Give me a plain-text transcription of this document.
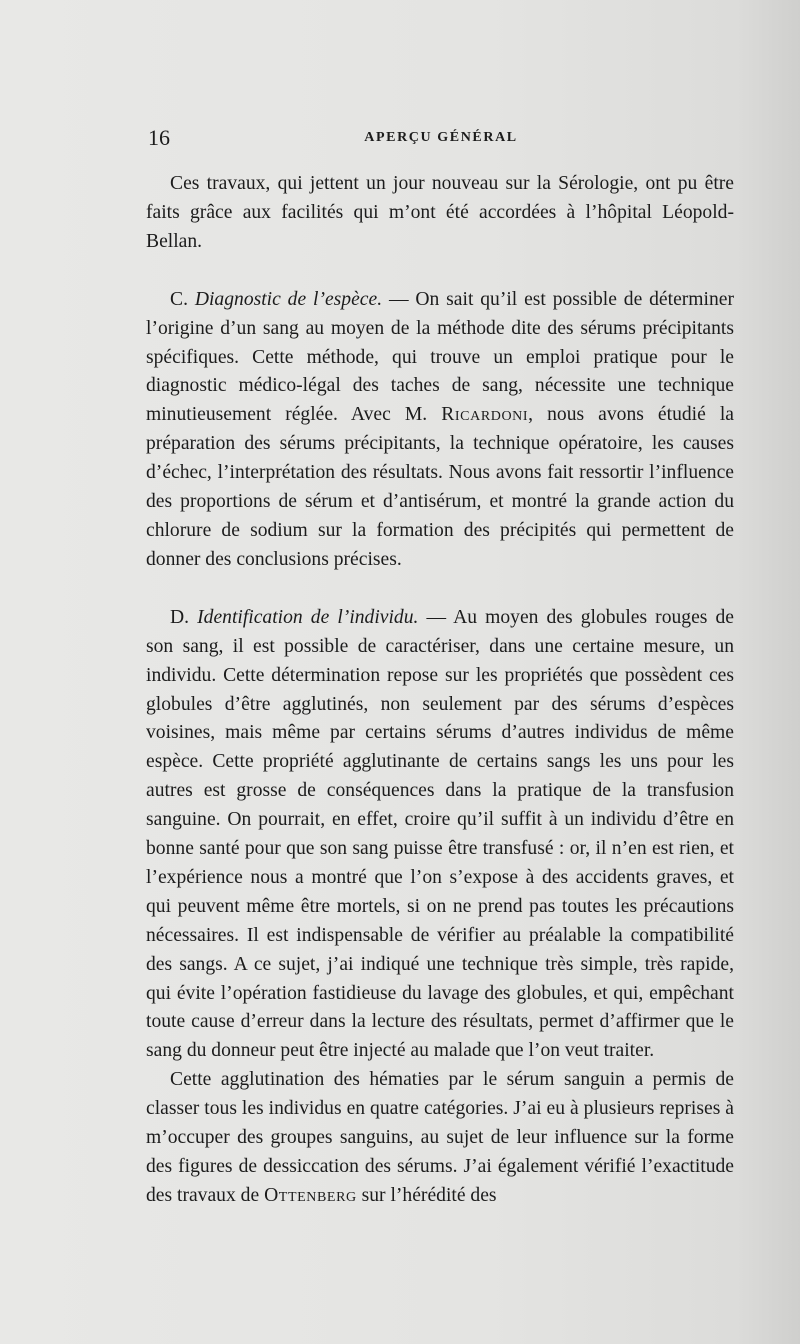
16	APERÇU GÉNÉRAL

Ces travaux, qui jettent un jour nouveau sur la Sérologie, ont pu être faits grâce aux facilités qui m’ont été accordées à l’hôpital Léopold-Bellan.

C. Diagnostic de l’espèce. — On sait qu’il est possible de déterminer l’origine d’un sang au moyen de la méthode dite des sérums précipitants spécifiques. Cette méthode, qui trouve un emploi pratique pour le diagnostic médico-légal des taches de sang, nécessite une technique minutieusement réglée. Avec M. Ricardoni, nous avons étudié la préparation des sérums précipitants, la technique opératoire, les causes d’échec, l’interprétation des résultats. Nous avons fait ressortir l’influence des proportions de sérum et d’antisérum, et montré la grande action du chlorure de sodium sur la formation des précipités qui permettent de donner des conclusions précises.

D. Identification de l’individu. — Au moyen des globules rouges de son sang, il est possible de caractériser, dans une certaine mesure, un individu. Cette détermination repose sur les propriétés que possèdent ces globules d’être agglutinés, non seulement par des sérums d’espèces voisines, mais même par certains sérums d’autres individus de même espèce. Cette propriété agglutinante de certains sangs les uns pour les autres est grosse de conséquences dans la pratique de la transfusion sanguine. On pourrait, en effet, croire qu’il suffit à un individu d’être en bonne santé pour que son sang puisse être transfusé : or, il n’en est rien, et l’expérience nous a montré que l’on s’expose à des accidents graves, et qui peuvent même être mortels, si on ne prend pas toutes les précautions nécessaires. Il est indispensable de vérifier au préalable la compatibilité des sangs. A ce sujet, j’ai indiqué une technique très simple, très rapide, qui évite l’opération fastidieuse du lavage des globules, et qui, empêchant toute cause d’erreur dans la lecture des résultats, permet d’affirmer que le sang du donneur peut être injecté au malade que l’on veut traiter.

Cette agglutination des hématies par le sérum sanguin a permis de classer tous les individus en quatre catégories. J’ai eu à plusieurs reprises à m’occuper des groupes sanguins, au sujet de leur influence sur la forme des figures de dessiccation des sérums. J’ai également vérifié l’exactitude des travaux de Ottenberg sur l’hérédité des
